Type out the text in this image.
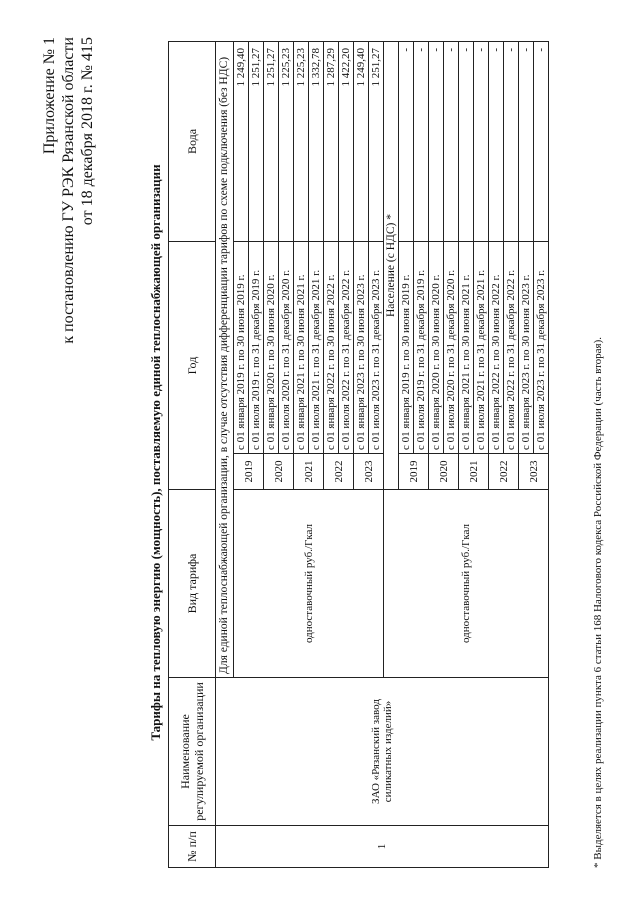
Приложение № 1 к постановлению ГУ РЭК Рязанской области от 18 декабря 2018 г. № 415
Тарифы на тепловую энергию (мощность), поставляемую единой теплоснабжающей организации
№ п/п	Наименование регулируемой организации	Вид тарифа	Год		Вода
1	ЗАО «Рязанский завод силикатных изделий»	Для единой теплоснабжающей организации, в случае отсутствия дифференциации тарифов по схеме подключения (без НДС)			
		одноставочный руб./Гкал	2019	с 01 января 2019 г. по 30 июня 2019 г.	1 249,40
				с 01 июля 2019 г. по 31 декабря 2019 г.	1 251,27
			2020	с 01 января 2020 г. по 30 июня 2020 г.	1 251,27
				с 01 июля 2020 г. по 31 декабря 2020 г.	1 225,23
			2021	с 01 января 2021 г. по 30 июня 2021 г.	1 225,23
				с 01 июля 2021 г. по 31 декабря 2021 г.	1 332,78
			2022	с 01 января 2022 г. по 30 июня 2022 г.	1 287,29
				с 01 июля 2022 г. по 31 декабря 2022 г.	1 422,20
			2023	с 01 января 2023 г. по 30 июня 2023 г.	1 249,40
				с 01 июля 2023 г. по 31 декабря 2023 г.	1 251,27
		одноставочный руб./Гкал	Население (с НДС) *		
			2019	с 01 января 2019 г. по 30 июня 2019 г.	-
				с 01 июля 2019 г. по 31 декабря 2019 г.	-
			2020	с 01 января 2020 г. по 30 июня 2020 г.	-
				с 01 июля 2020 г. по 31 декабря 2020 г.	-
			2021	с 01 января 2021 г. по 30 июня 2021 г.	-
				с 01 июля 2021 г. по 31 декабря 2021 г.	-
			2022	с 01 января 2022 г. по 30 июня 2022 г.	-
				с 01 июля 2022 г. по 31 декабря 2022 г.	-
			2023	с 01 января 2023 г. по 30 июня 2023 г.	-
				с 01 июля 2023 г. по 31 декабря 2023 г.	-
* Выделяется в целях реализации пункта 6 статьи 168 Налогового кодекса Российской Федерации (часть вторая).
